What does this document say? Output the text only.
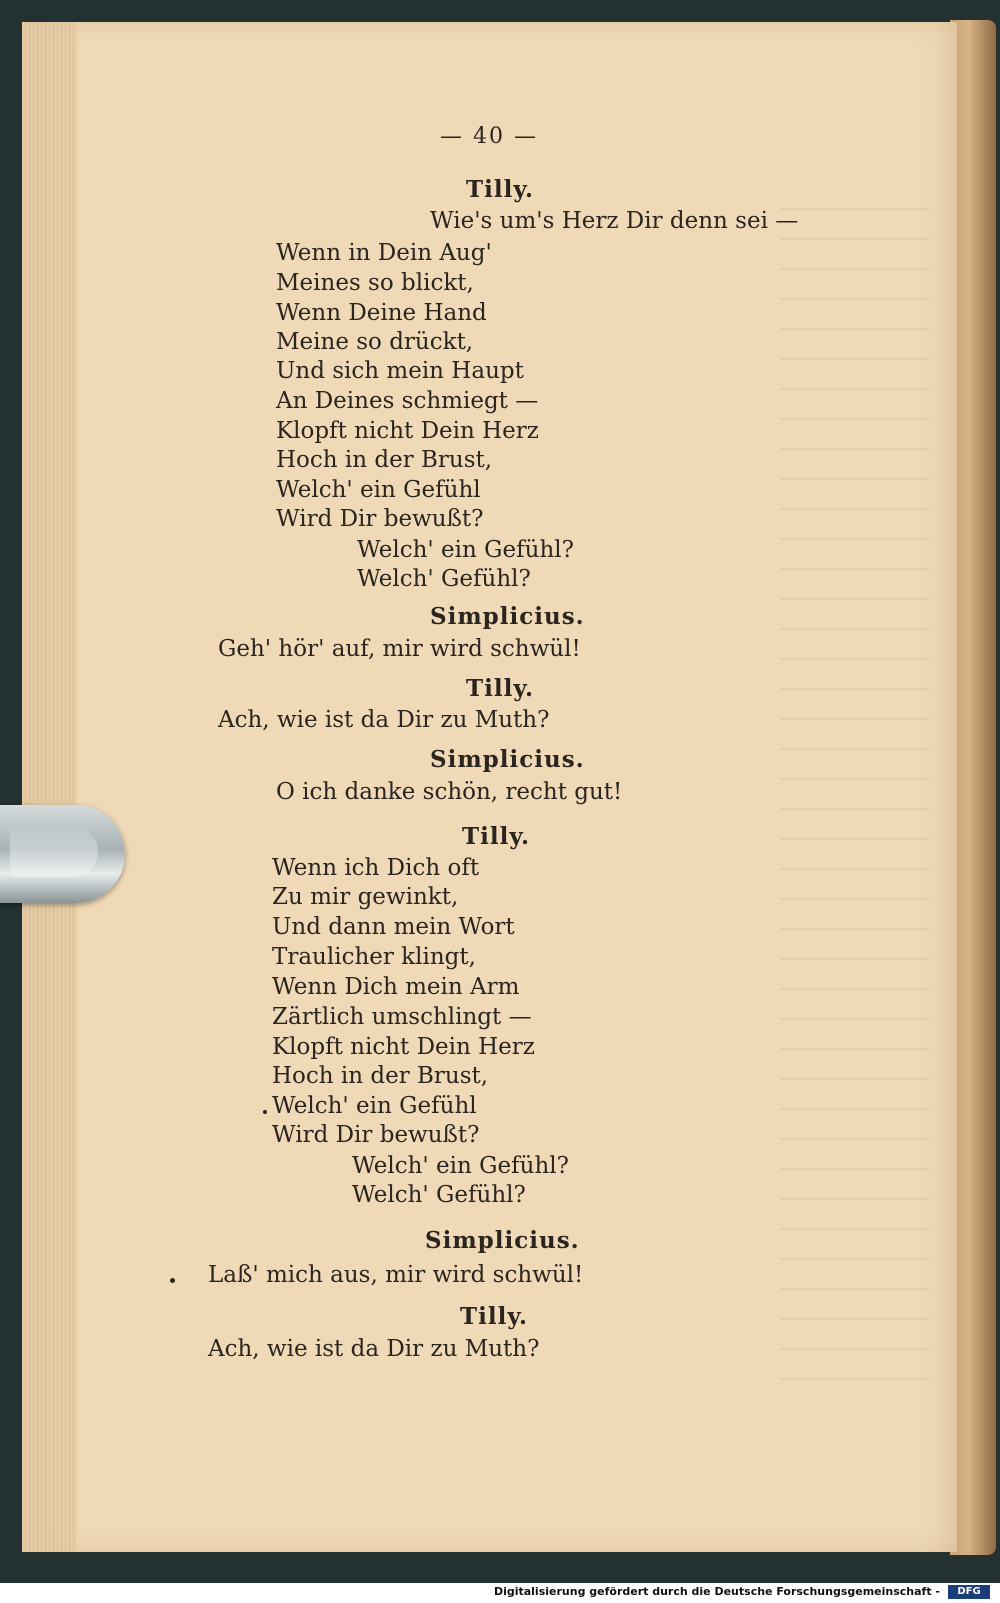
— 40 —
Tilly.
Wie's um's Herz Dir denn sei —
Wenn in Dein Aug'
Meines so blickt,
Wenn Deine Hand
Meine so drückt,
Und sich mein Haupt
An Deines schmiegt —
Klopft nicht Dein Herz
Hoch in der Brust,
Welch' ein Gefühl
Wird Dir bewußt?
Welch' ein Gefühl?
Welch' Gefühl?
Simplicius.
Geh' hör' auf, mir wird schwül!
Tilly.
Ach, wie ist da Dir zu Muth?
Simplicius.
O ich danke schön, recht gut!
Tilly.
Wenn ich Dich oft
Zu mir gewinkt,
Und dann mein Wort
Traulicher klingt,
Wenn Dich mein Arm
Zärtlich umschlingt —
Klopft nicht Dein Herz
Hoch in der Brust,
Welch' ein Gefühl
Wird Dir bewußt?
Welch' ein Gefühl?
Welch' Gefühl?
Simplicius.
Laß' mich aus, mir wird schwül!
Tilly.
Ach, wie ist da Dir zu Muth?
Digitalisierung gefördert durch die Deutsche Forschungsgemeinschaft -	DFG
